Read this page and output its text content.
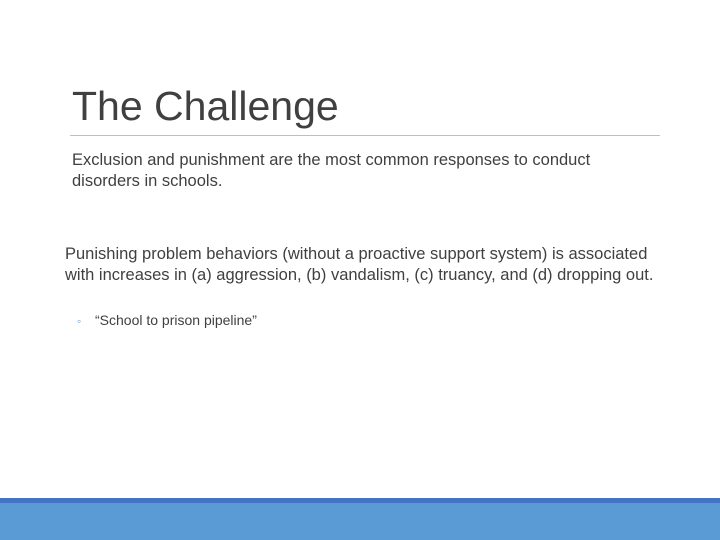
The Challenge

Exclusion and punishment are the most common responses to conduct disorders in schools.

Punishing problem behaviors (without a proactive support system) is associated with increases in (a) aggression, (b) vandalism, (c) truancy, and (d) dropping out.

◦ “School to prison pipeline”
